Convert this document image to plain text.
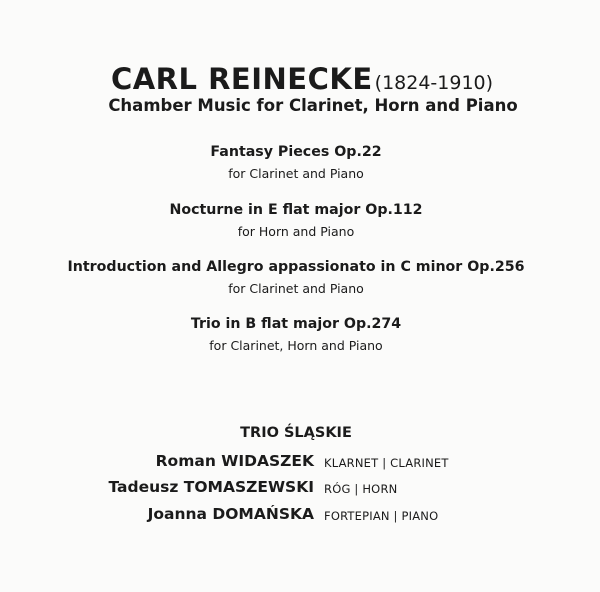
CARL REINECKE (1824-1910)
Chamber Music for Clarinet, Horn and Piano
Fantasy Pieces Op.22
for Clarinet and Piano
Nocturne in E flat major Op.112
for Horn and Piano
Introduction and Allegro appassionato in C minor Op.256
for Clarinet and Piano
Trio in B flat major Op.274
for Clarinet, Horn and Piano
TRIO ŚLĄSKIE
Roman WIDASZEK KLARNET | CLARINET
Tadeusz TOMASZEWSKI RÓG | HORN
Joanna DOMAŃSKA FORTEPIAN | PIANO
